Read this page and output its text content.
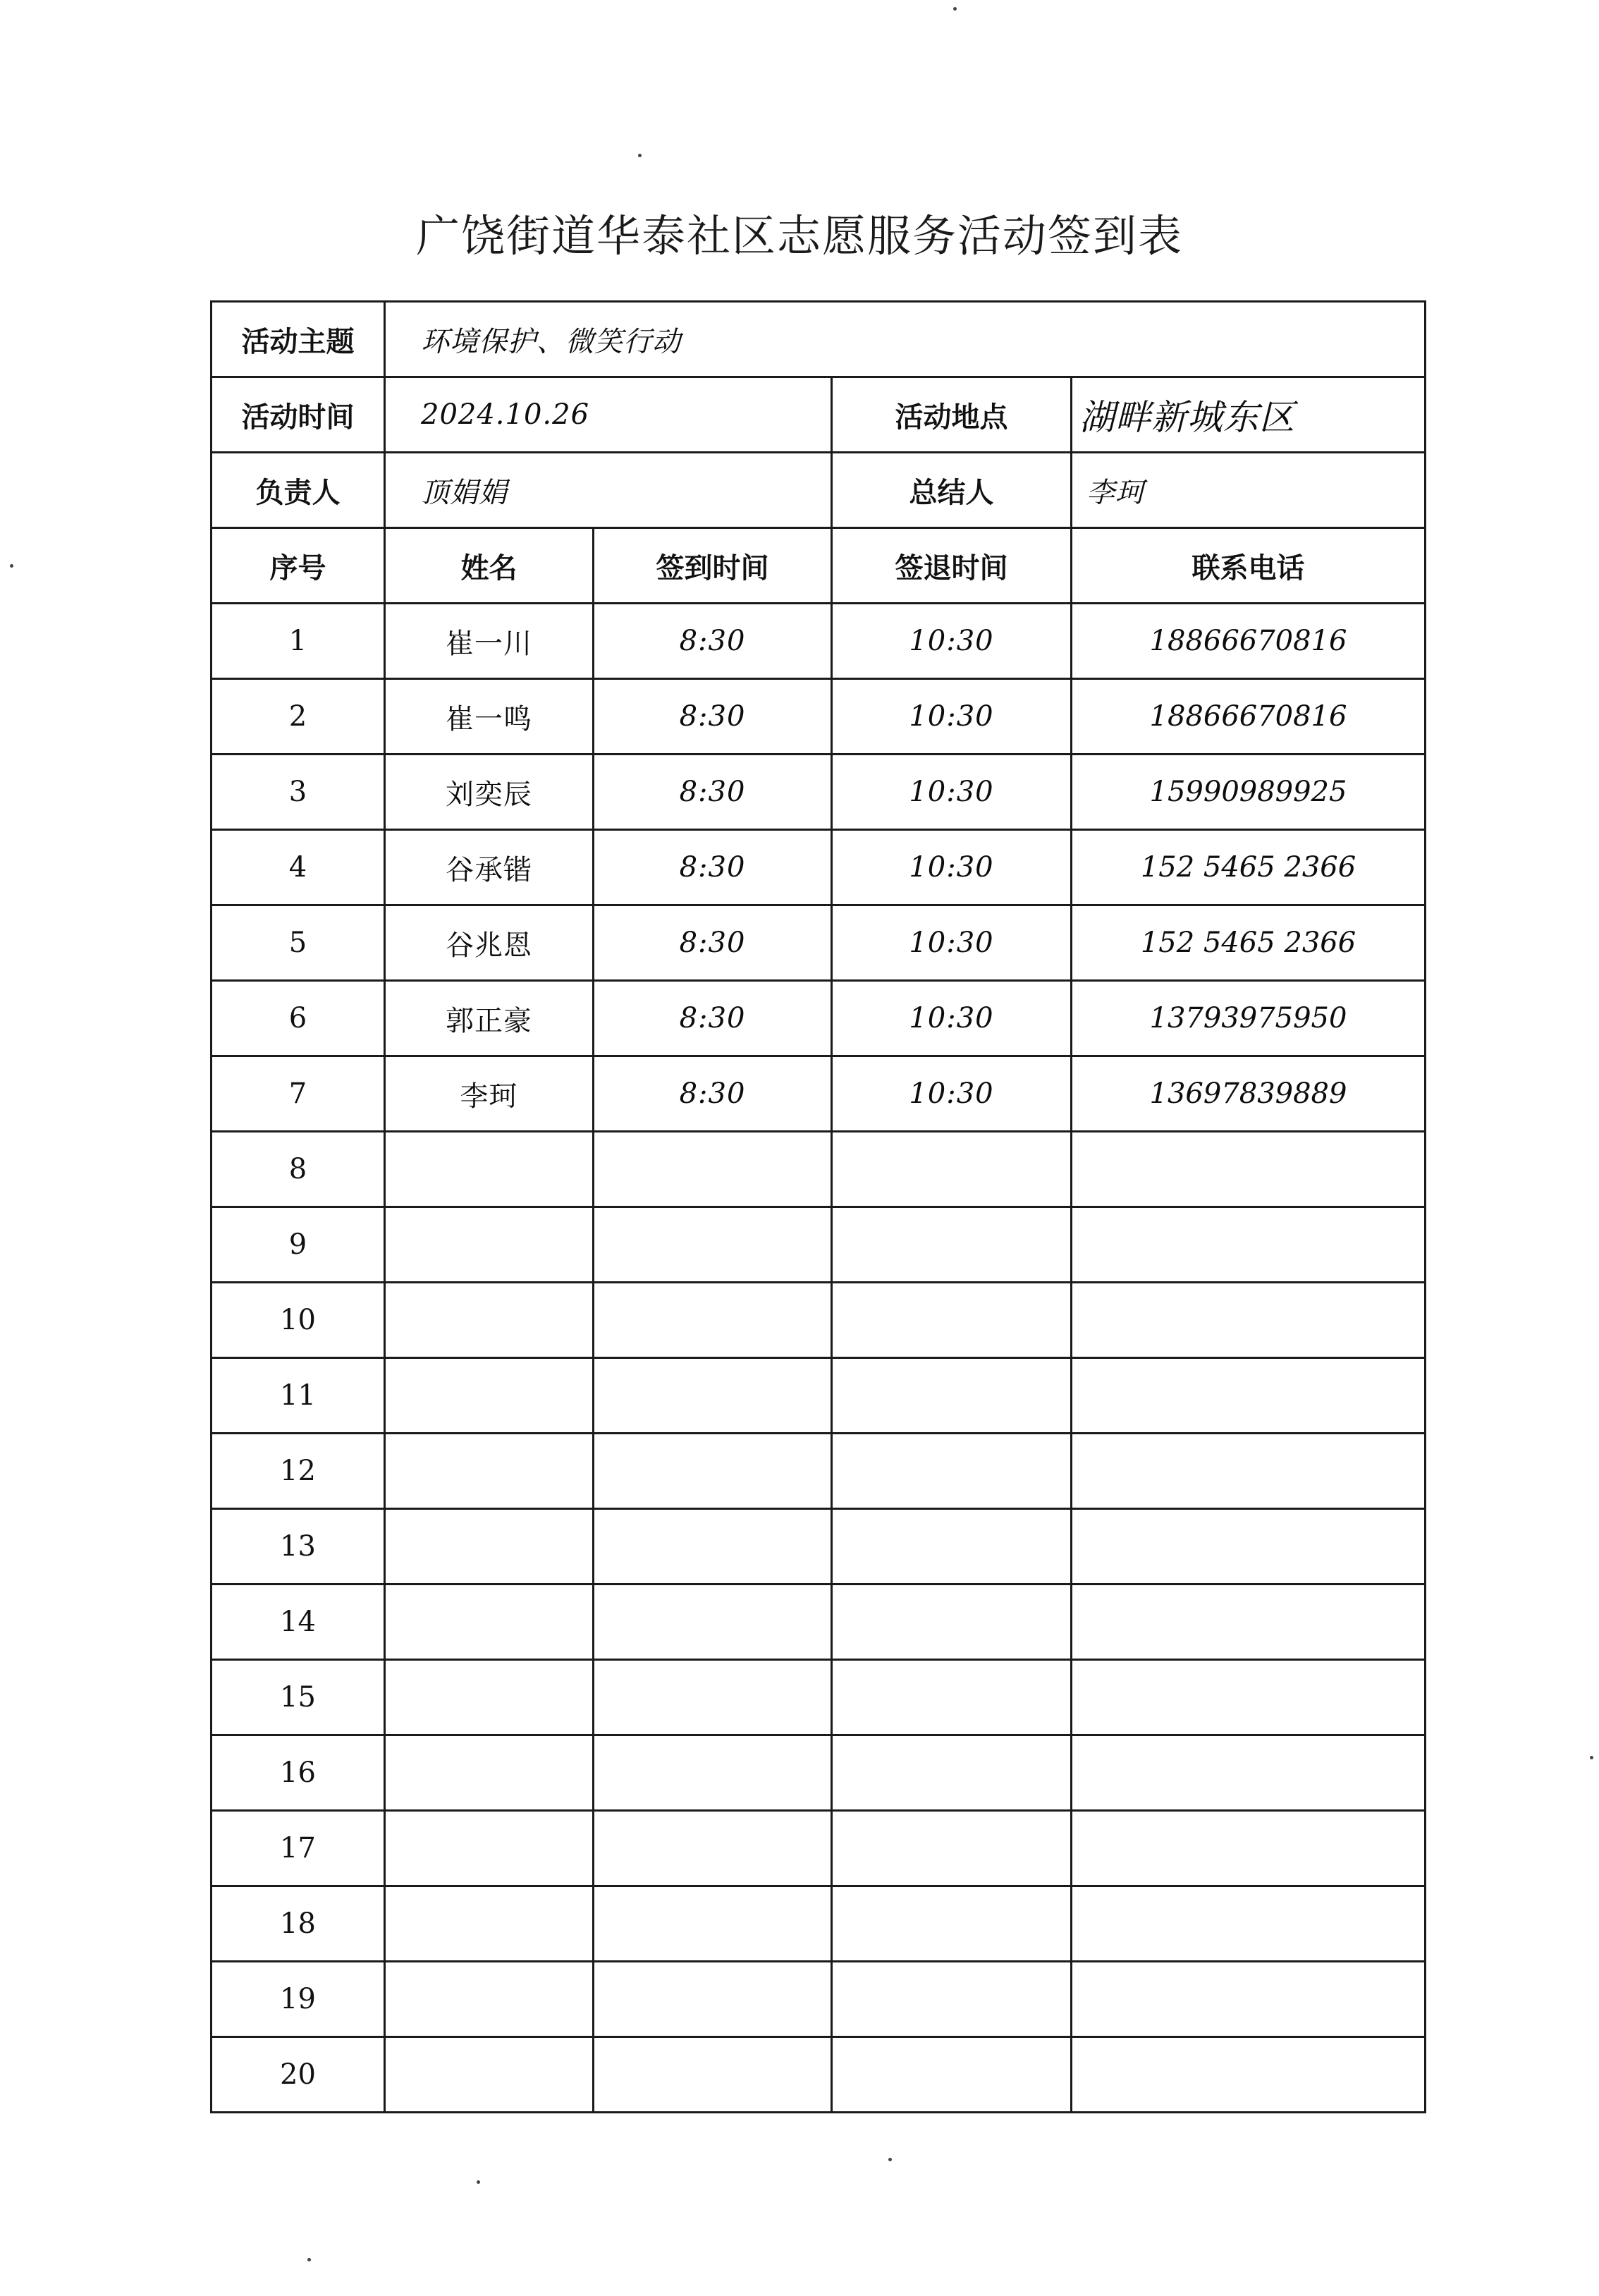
广饶街道华泰社区志愿服务活动签到表
活动主题	环境保护、微笑行动			
活动时间	2024.10.26		活动地点	湖畔新城东区
负责人	顶娟娟		总结人	李珂
序号	姓名	签到时间	签退时间	联系电话
1	崔一川	8:30	10:30	18866670816
2	崔一鸣	8:30	10:30	18866670816
3	刘奕辰	8:30	10:30	15990989925
4	谷承锴	8:30	10:30	152 5465 2366
5	谷兆恩	8:30	10:30	152 5465 2366
6	郭正豪	8:30	10:30	13793975950
7	李珂	8:30	10:30	13697839889
8				
9				
10				
11				
12				
13				
14				
15				
16				
17				
18				
19				
20				
